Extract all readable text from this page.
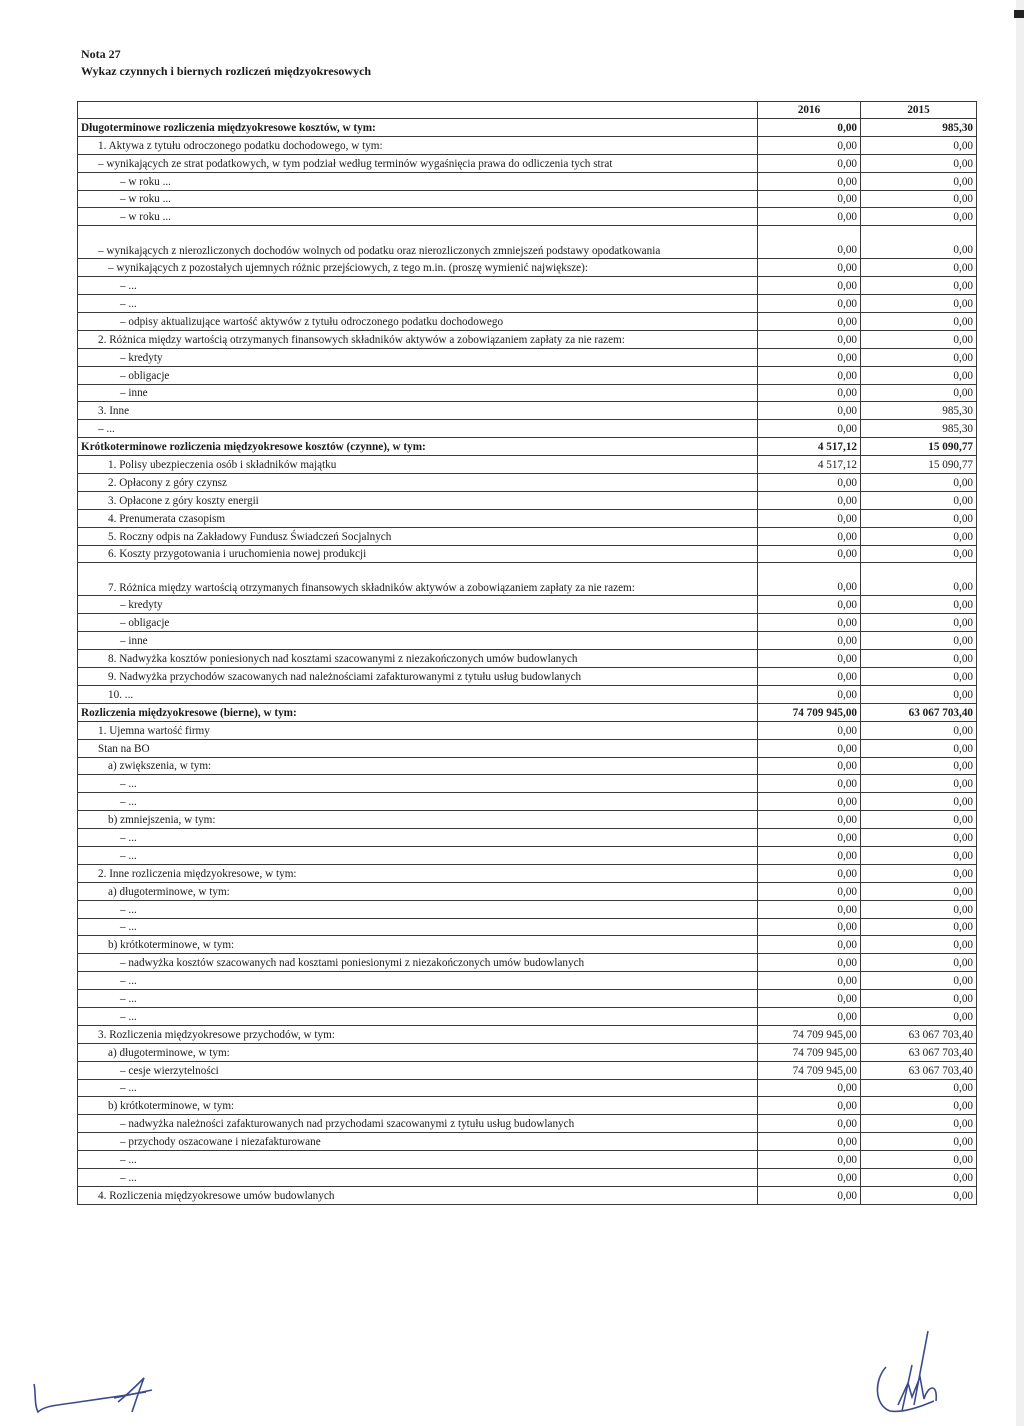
Nota 27
Wykaz czynnych i biernych rozliczeń międzyokresowych
	2016	2015
Długoterminowe rozliczenia międzyokresowe kosztów, w tym:	0,00	985,30
1. Aktywa z tytułu odroczonego podatku dochodowego, w tym:	0,00	0,00
– wynikających ze strat podatkowych, w tym podział według terminów wygaśnięcia prawa do odliczenia tych strat	0,00	0,00
– w roku ...	0,00	0,00
– w roku ...	0,00	0,00
– w roku ...	0,00	0,00
– wynikających z nierozliczonych dochodów wolnych od podatku oraz nierozliczonych zmniejszeń podstawy opodatkowania	0,00	0,00
– wynikających z pozostałych ujemnych różnic przejściowych, z tego m.in. (proszę wymienić największe):	0,00	0,00
– ...	0,00	0,00
– ...	0,00	0,00
– odpisy aktualizujące wartość aktywów z tytułu odroczonego podatku dochodowego	0,00	0,00
2. Różnica między wartością otrzymanych finansowych składników aktywów a zobowiązaniem zapłaty za nie razem:	0,00	0,00
– kredyty	0,00	0,00
– obligacje	0,00	0,00
– inne	0,00	0,00
3. Inne	0,00	985,30
– ...	0,00	985,30
Krótkoterminowe rozliczenia międzyokresowe kosztów (czynne), w tym:	4 517,12	15 090,77
1. Polisy ubezpieczenia osób i składników majątku	4 517,12	15 090,77
2. Opłacony z góry czynsz	0,00	0,00
3. Opłacone z góry koszty energii	0,00	0,00
4. Prenumerata czasopism	0,00	0,00
5. Roczny odpis na Zakładowy Fundusz Świadczeń Socjalnych	0,00	0,00
6. Koszty przygotowania i uruchomienia nowej produkcji	0,00	0,00
7. Różnica między wartością otrzymanych finansowych składników aktywów a zobowiązaniem zapłaty za nie razem:	0,00	0,00
– kredyty	0,00	0,00
– obligacje	0,00	0,00
– inne	0,00	0,00
8. Nadwyżka kosztów poniesionych nad kosztami szacowanymi z niezakończonych umów budowlanych	0,00	0,00
9. Nadwyżka przychodów szacowanych nad należnościami zafakturowanymi z tytułu usług budowlanych	0,00	0,00
10. ...	0,00	0,00
Rozliczenia międzyokresowe (bierne), w tym:	74 709 945,00	63 067 703,40
1. Ujemna wartość firmy	0,00	0,00
Stan na BO	0,00	0,00
a) zwiększenia, w tym:	0,00	0,00
– ...	0,00	0,00
– ...	0,00	0,00
b) zmniejszenia, w tym:	0,00	0,00
– ...	0,00	0,00
– ...	0,00	0,00
2. Inne rozliczenia międzyokresowe, w tym:	0,00	0,00
a) długoterminowe, w tym:	0,00	0,00
– ...	0,00	0,00
– ...	0,00	0,00
b) krótkoterminowe, w tym:	0,00	0,00
– nadwyżka kosztów szacowanych nad kosztami poniesionymi z niezakończonych umów budowlanych	0,00	0,00
– ...	0,00	0,00
– ...	0,00	0,00
– ...	0,00	0,00
3. Rozliczenia międzyokresowe przychodów, w tym:	74 709 945,00	63 067 703,40
a) długoterminowe, w tym:	74 709 945,00	63 067 703,40
– cesje wierzytelności	74 709 945,00	63 067 703,40
– ...	0,00	0,00
b) krótkoterminowe, w tym:	0,00	0,00
– nadwyżka należności zafakturowanych nad przychodami szacowanymi z tytułu usług budowlanych	0,00	0,00
– przychody oszacowane i niezafakturowane	0,00	0,00
– ...	0,00	0,00
– ...	0,00	0,00
4. Rozliczenia międzyokresowe umów budowlanych	0,00	0,00
